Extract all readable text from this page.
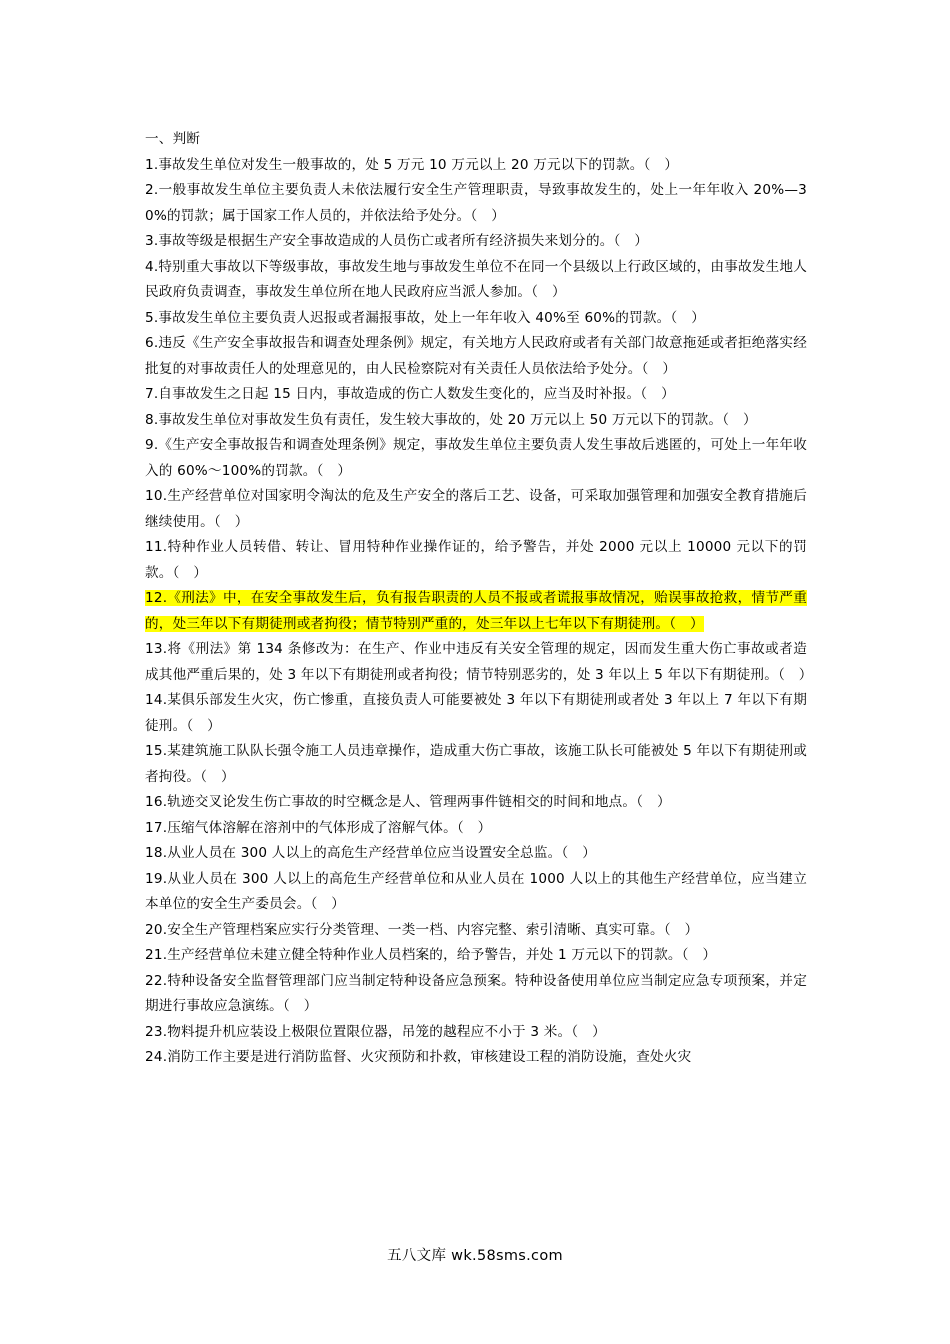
一、判断

1.事故发生单位对发生一般事故的，处 5 万元 10 万元以上 20 万元以下的罚款。（　）

2.一般事故发生单位主要负责人未依法履行安全生产管理职责，导致事故发生的，处上一年年收入 20%—30%的罚款；属于国家工作人员的，并依法给予处分。（　）

3.事故等级是根据生产安全事故造成的人员伤亡或者所有经济损失来划分的。（　）

4.特别重大事故以下等级事故，事故发生地与事故发生单位不在同一个县级以上行政区域的，由事故发生地人民政府负责调查，事故发生单位所在地人民政府应当派人参加。（　）

5.事故发生单位主要负责人迟报或者漏报事故，处上一年年收入 40%至 60%的罚款。（　）

6.违反《生产安全事故报告和调查处理条例》规定，有关地方人民政府或者有关部门故意拖延或者拒绝落实经批复的对事故责任人的处理意见的，由人民检察院对有关责任人员依法给予处分。（　）

7.自事故发生之日起 15 日内，事故造成的伤亡人数发生变化的，应当及时补报。（　）

8.事故发生单位对事故发生负有责任，发生较大事故的，处 20 万元以上 50 万元以下的罚款。（　）

9.《生产安全事故报告和调查处理条例》规定，事故发生单位主要负责人发生事故后逃匿的，可处上一年年收入的 60%～100%的罚款。（　）

10.生产经营单位对国家明令淘汰的危及生产安全的落后工艺、设备，可采取加强管理和加强安全教育措施后继续使用。（　）

11.特种作业人员转借、转让、冒用特种作业操作证的，给予警告，并处 2000 元以上 10000 元以下的罚款。（　）

12.《刑法》中，在安全事故发生后，负有报告职责的人员不报或者谎报事故情况，贻误事故抢救，情节严重的，处三年以下有期徒刑或者拘役；情节特别严重的，处三年以上七年以下有期徒刑。（　）

13.将《刑法》第 134 条修改为：在生产、作业中违反有关安全管理的规定，因而发生重大伤亡事故或者造成其他严重后果的，处 3 年以下有期徒刑或者拘役；情节特别恶劣的，处 3 年以上 5 年以下有期徒刑。（　）

14.某俱乐部发生火灾，伤亡惨重，直接负责人可能要被处 3 年以下有期徒刑或者处 3 年以上 7 年以下有期徒刑。（　）

15.某建筑施工队队长强令施工人员违章操作，造成重大伤亡事故，该施工队长可能被处 5 年以下有期徒刑或者拘役。（　）

16.轨迹交叉论发生伤亡事故的时空概念是人、管理两事件链相交的时间和地点。（　）

17.压缩气体溶解在溶剂中的气体形成了溶解气体。（　）

18.从业人员在 300 人以上的高危生产经营单位应当设置安全总监。（　）

19.从业人员在 300 人以上的高危生产经营单位和从业人员在 1000 人以上的其他生产经营单位，应当建立本单位的安全生产委员会。（　）

20.安全生产管理档案应实行分类管理、一类一档、内容完整、索引清晰、真实可靠。（　）

21.生产经营单位未建立健全特种作业人员档案的，给予警告，并处 1 万元以下的罚款。（　）

22.特种设备安全监督管理部门应当制定特种设备应急预案。特种设备使用单位应当制定应急专项预案，并定期进行事故应急演练。（　）

23.物料提升机应装设上极限位置限位器，吊笼的越程应不小于 3 米。（　）

24.消防工作主要是进行消防监督、火灾预防和扑救，审核建设工程的消防设施，查处火灾

五八文库 wk.58sms.com
